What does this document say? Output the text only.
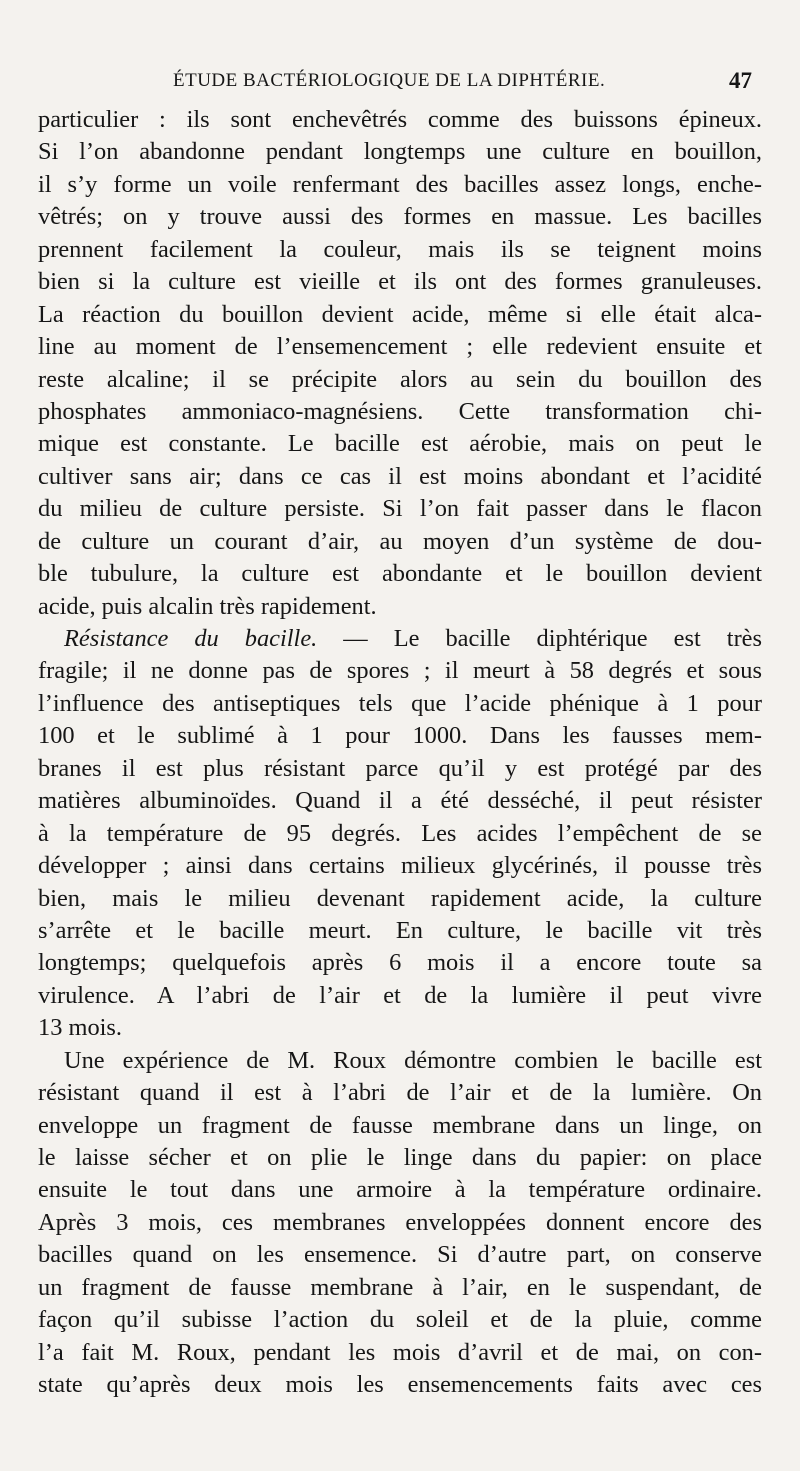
ÉTUDE BACTÉRIOLOGIQUE DE LA DIPHTÉRIE.	47
particulier : ils sont enchevêtrés comme des buissons épineux.
Si l’on abandonne pendant longtemps une culture en bouillon,
il s’y forme un voile renfermant des bacilles assez longs, enche-
vêtrés; on y trouve aussi des formes en massue. Les bacilles
prennent facilement la couleur, mais ils se teignent moins
bien si la culture est vieille et ils ont des formes granuleuses.
La réaction du bouillon devient acide, même si elle était alca-
line au moment de l’ensemencement ; elle redevient ensuite et
reste alcaline; il se précipite alors au sein du bouillon des
phosphates ammoniaco-magnésiens. Cette transformation chi-
mique est constante. Le bacille est aérobie, mais on peut le
cultiver sans air; dans ce cas il est moins abondant et l’acidité
du milieu de culture persiste. Si l’on fait passer dans le flacon
de culture un courant d’air, au moyen d’un système de dou-
ble tubulure, la culture est abondante et le bouillon devient
acide, puis alcalin très rapidement.
Résistance du bacille. — Le bacille diphtérique est très
fragile; il ne donne pas de spores ; il meurt à 58 degrés et sous
l’influence des antiseptiques tels que l’acide phénique à 1 pour
100 et le sublimé à 1 pour 1000. Dans les fausses mem-
branes il est plus résistant parce qu’il y est protégé par des
matières albuminoïdes. Quand il a été desséché, il peut résister
à la température de 95 degrés. Les acides l’empêchent de se
développer ; ainsi dans certains milieux glycérinés, il pousse très
bien, mais le milieu devenant rapidement acide, la culture
s’arrête et le bacille meurt. En culture, le bacille vit très
longtemps; quelquefois après 6 mois il a encore toute sa
virulence. A l’abri de l’air et de la lumière il peut vivre
13 mois.
Une expérience de M. Roux démontre combien le bacille est
résistant quand il est à l’abri de l’air et de la lumière. On
enveloppe un fragment de fausse membrane dans un linge, on
le laisse sécher et on plie le linge dans du papier: on place
ensuite le tout dans une armoire à la température ordinaire.
Après 3 mois, ces membranes enveloppées donnent encore des
bacilles quand on les ensemence. Si d’autre part, on conserve
un fragment de fausse membrane à l’air, en le suspendant, de
façon qu’il subisse l’action du soleil et de la pluie, comme
l’a fait M. Roux, pendant les mois d’avril et de mai, on con-
state qu’après deux mois les ensemencements faits avec ces
